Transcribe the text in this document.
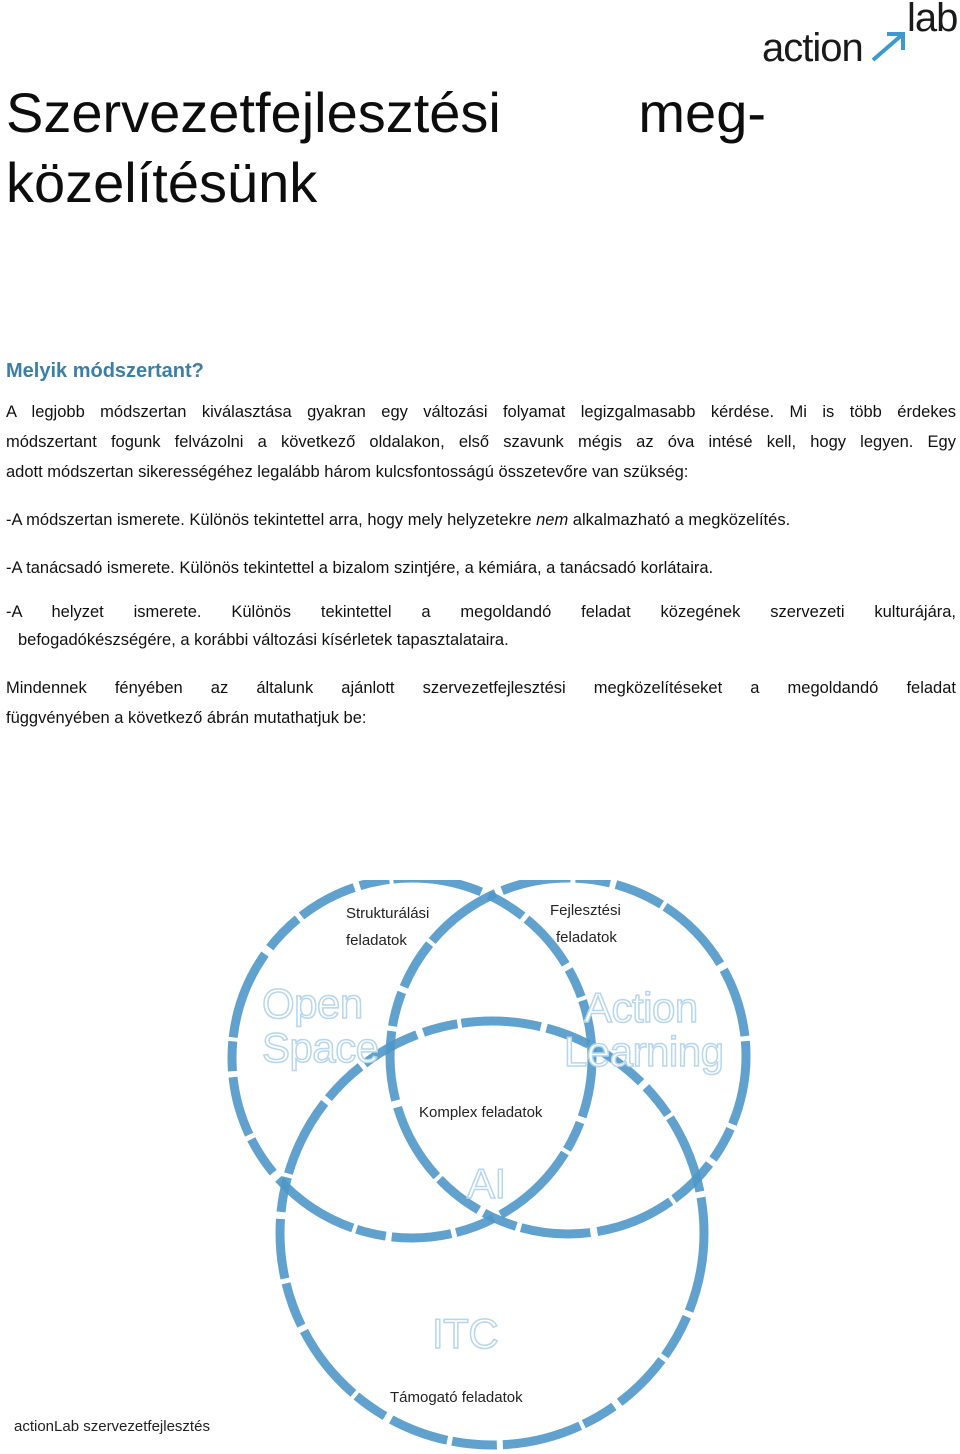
action
lab
Szervezetfejlesztési meg-
közelítésünk
Melyik módszertant?

A legjobb módszertan kiválasztása gyakran egy változási folyamat legizgalmasabb kérdése. Mi is több érdekes
módszertant fogunk felvázolni a következő oldalakon, első szavunk mégis az óva intésé kell, hogy legyen. Egy
adott módszertan sikerességéhez legalább három kulcsfontosságú összetevőre van szükség:

-A módszertan ismerete. Különös tekintettel arra, hogy mely helyzetekre nem alkalmazható a megközelítés.

-A tanácsadó ismerete. Különös tekintettel a bizalom szintjére, a kémiára, a tanácsadó korlátaira.

-A helyzet ismerete. Különös tekintettel a megoldandó feladat közegének szervezeti kulturájára,
befogadókészségére, a korábbi változási kísérletek tapasztalataira.

Mindennek fényében az általunk ajánlott szervezetfejlesztési megközelítéseket a megoldandó feladat
függvényében a következő ábrán mutathatjuk be:

Strukturálási
feladatok
Fejlesztési
feladatok
Open
Space
Action
Learning
Komplex feladatok
AI
ITC
Támogató feladatok
actionLab szervezetfejlesztés
